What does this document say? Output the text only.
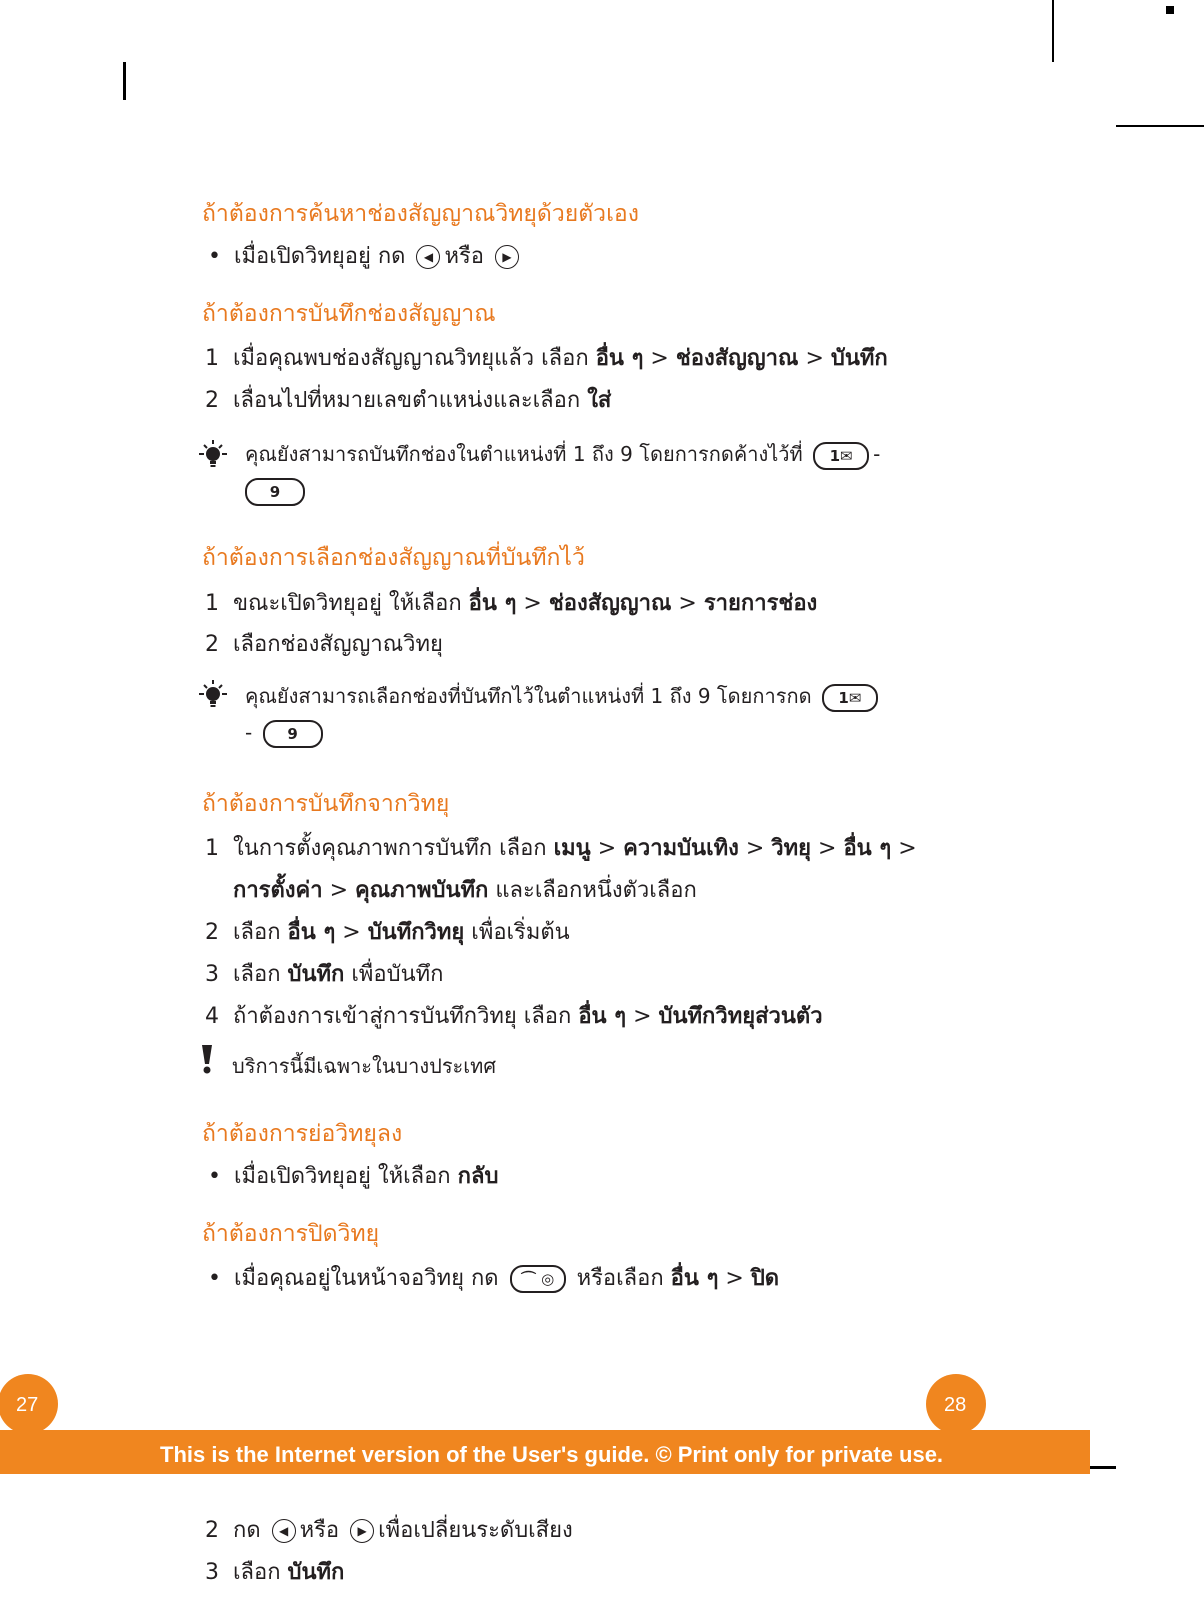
ถ้าต้องการค้นหาช่องสัญญาณวิทยุด้วยตัวเอง
• เมื่อเปิดวิทยุอยู่ กด ◀ หรือ ▶
ถ้าต้องการบันทึกช่องสัญญาณ
1 เมื่อคุณพบช่องสัญญาณวิทยุแล้ว เลือก อื่น ๆ > ช่องสัญญาณ > บันทึก
2 เลื่อนไปที่หมายเลขตำแหน่งและเลือก ใส่
คุณยังสามารถบันทึกช่องในตำแหน่งที่ 1 ถึง 9 โดยการกดค้างไว้ที่ 1✉ -
9
ถ้าต้องการเลือกช่องสัญญาณที่บันทึกไว้
1 ขณะเปิดวิทยุอยู่ ให้เลือก อื่น ๆ > ช่องสัญญาณ > รายการช่อง
2 เลือกช่องสัญญาณวิทยุ
คุณยังสามารถเลือกช่องที่บันทึกไว้ในตำแหน่งที่ 1 ถึง 9 โดยการกด 1✉
- 9
ถ้าต้องการบันทึกจากวิทยุ
1 ในการตั้งคุณภาพการบันทึก เลือก เมนู > ความบันเทิง > วิทยุ > อื่น ๆ >
การตั้งค่า > คุณภาพบันทึก และเลือกหนึ่งตัวเลือก
2 เลือก อื่น ๆ > บันทึกวิทยุ เพื่อเริ่มต้น
3 เลือก บันทึก เพื่อบันทึก
4 ถ้าต้องการเข้าสู่การบันทึกวิทยุ เลือก อื่น ๆ > บันทึกวิทยุส่วนตัว
บริการนี้มีเฉพาะในบางประเทศ
ถ้าต้องการย่อวิทยุลง
• เมื่อเปิดวิทยุอยู่ ให้เลือก กลับ
ถ้าต้องการปิดวิทยุ
• เมื่อคุณอยู่ในหน้าจอวิทยุ กด ⌒ ◎ หรือเลือก อื่น ๆ > ปิด
27	28
This is the Internet version of the User's guide. © Print only for private use.
2 กด ◀ หรือ ▶ เพื่อเปลี่ยนระดับเสียง
3 เลือก บันทึก
